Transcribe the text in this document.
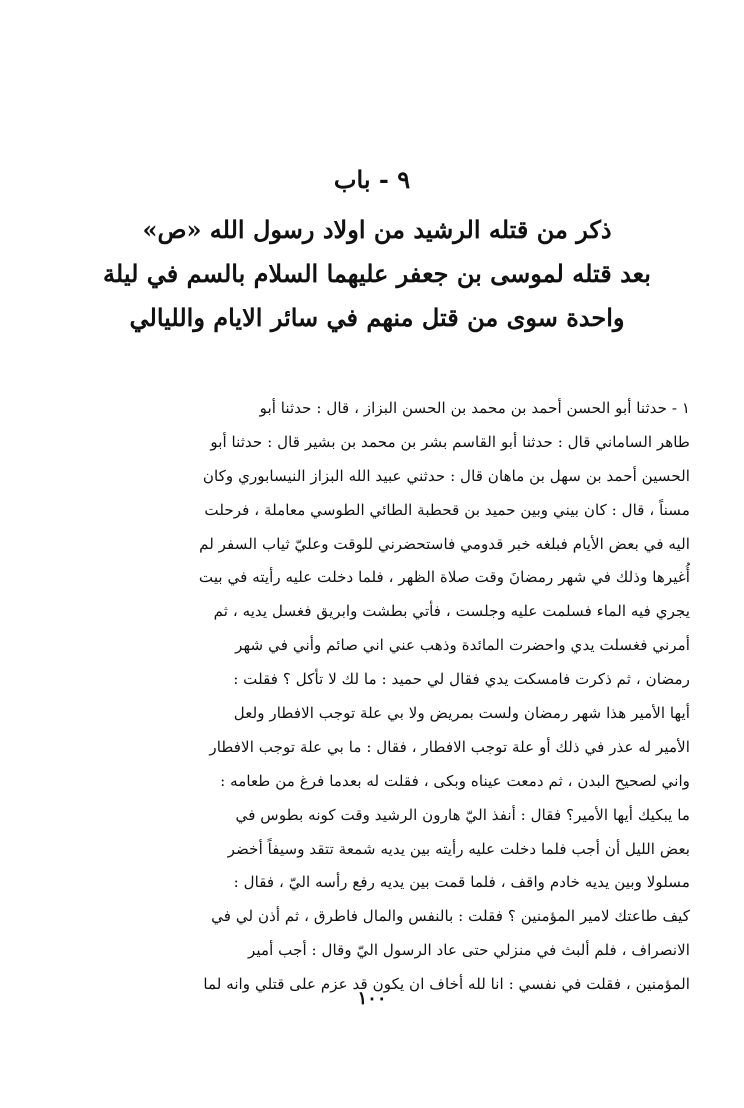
٩ - باب
ذكر من قتله الرشيد من اولاد رسول الله «ص»
بعد قتله لموسى بن جعفر عليهما السلام بالسم في ليلة
واحدة سوى من قتل منهم في سائر الايام والليالي
١ - حدثنا أبو الحسن أحمد بن محمد بن الحسن البزاز ، قال : حدثنا أبو
طاهر الساماني قال : حدثنا أبو القاسم بشر بن محمد بن بشير قال : حدثنا أبو
الحسين أحمد بن سهل بن ماهان قال : حدثني عبيد الله البزاز النيسابوري وكان
مسناً ، قال : كان بيني وبين حميد بن قحطبة الطائي الطوسي معاملة ، فرحلت
اليه في بعض الأيام فبلغه خبر قدومي فاستحضرني للوقت وعليّ ثياب السفر لم
أُغيرها وذلك في شهر رمضانَ وقت صلاة الظهر ، فلما دخلت عليه رأيته في بيت
يجري فيه الماء فسلمت عليه وجلست ، فأتي بطشت وابريق فغسل يديه ، ثم
أمرني فغسلت يدي واحضرت المائدة وذهب عني اني صائم وأني في شهر
رمضان ، ثم ذكرت فامسكت يدي فقال لي حميد : ما لك لا تأكل ؟ فقلت :
أيها الأمير هذا شهر رمضان ولست بمريض ولا بي علة توجب الافطار ولعل
الأمير له عذر في ذلك أو علة توجب الافطار ، فقال : ما بي علة توجب الافطار
واني لصحيح البدن ، ثم دمعت عيناه وبكى ، فقلت له بعدما فرغ من طعامه :
ما يبكيك أيها الأمير؟ فقال : أنفذ اليّ هارون الرشيد وقت كونه بطوس في
بعض الليل أن أجب فلما دخلت عليه رأيته بين يديه شمعة تتقد وسيفاً أخضر
مسلولا وبين يديه خادم واقف ، فلما قمت بين يديه رفع رأسه اليّ ، فقال :
كيف طاعتك لامير المؤمنين ؟ فقلت : بالنفس والمال فاطرق ، ثم أذن لي في
الانصراف ، فلم ألبث في منزلي حتى عاد الرسول اليّ وقال : أجب أمير
المؤمنين ، فقلت في نفسي : انا لله أخاف ان يكون قد عزم على قتلي وانه لما
١٠٠
